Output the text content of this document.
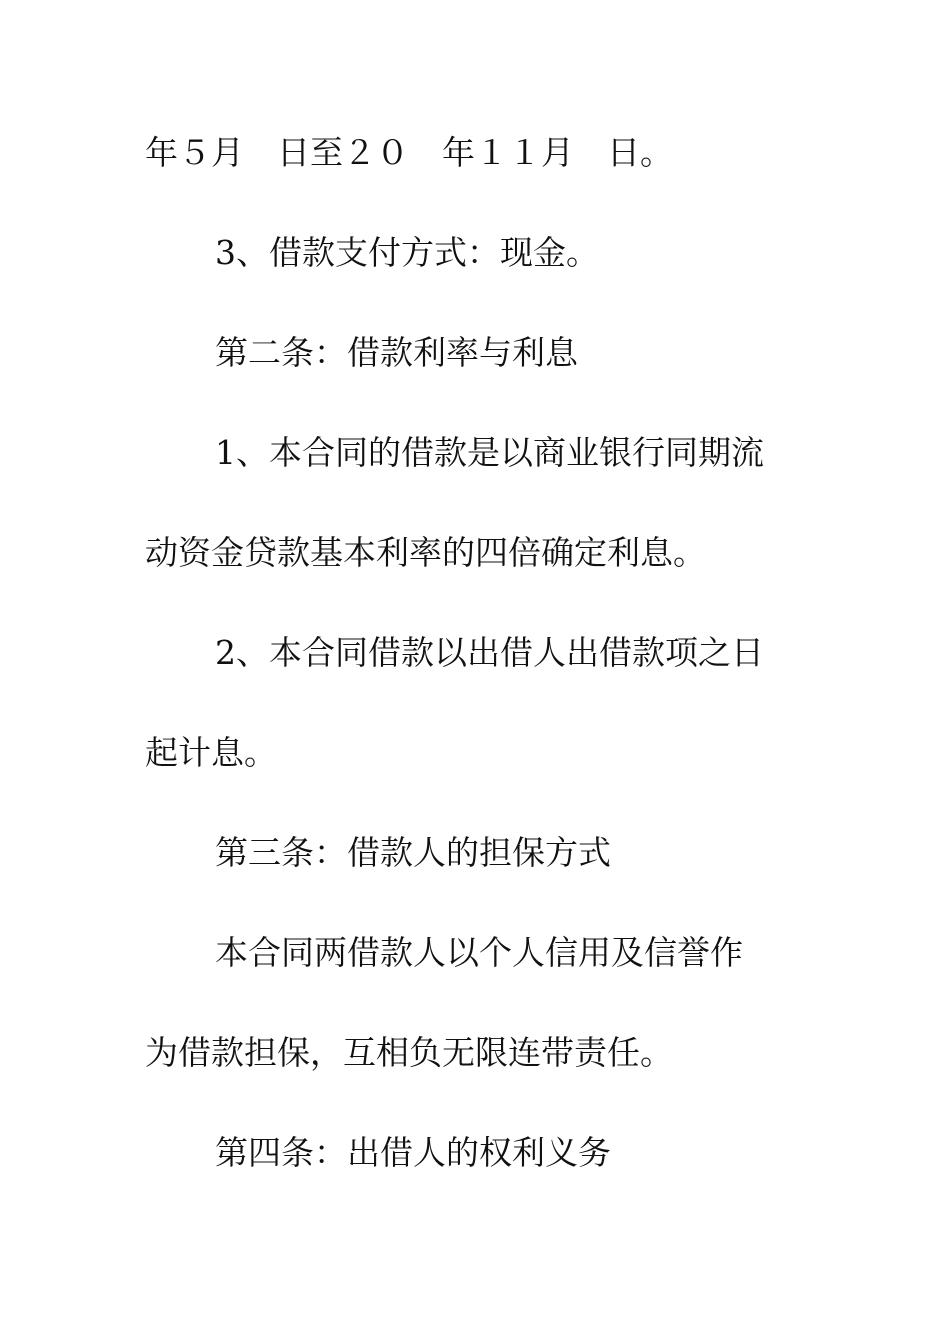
年５月　日至２０　年１１月　日。
3、借款支付方式：现金。
第二条：借款利率与利息
1、本合同的借款是以商业银行同期流
动资金贷款基本利率的四倍确定利息。
2、本合同借款以出借人出借款项之日
起计息。
第三条：借款人的担保方式
本合同两借款人以个人信用及信誉作
为借款担保，互相负无限连带责任。
第四条：出借人的权利义务
